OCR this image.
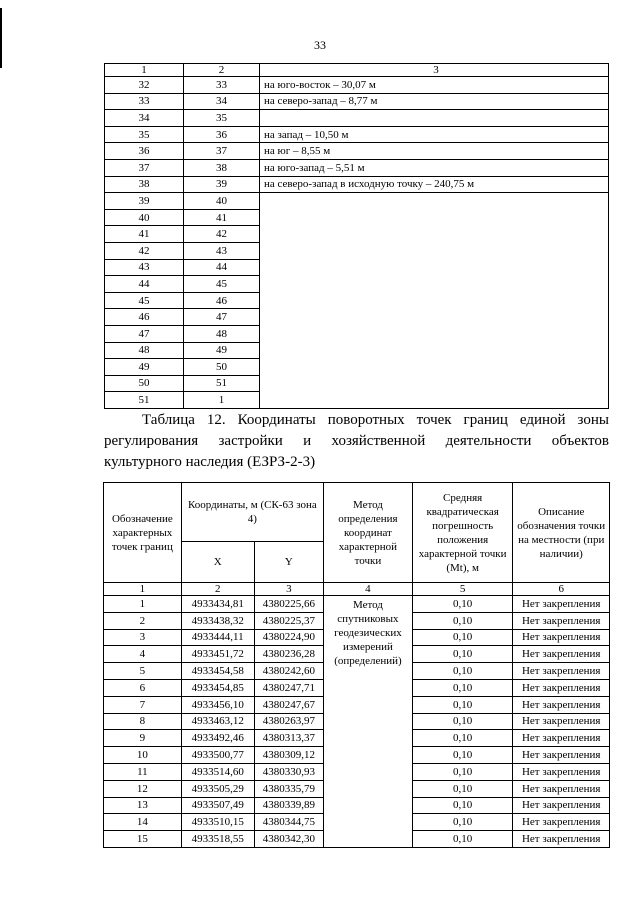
33
1	2	3
32	33	на юго-восток – 30,07 м
33	34	на северо-запад – 8,77 м
34	35	
35	36	на запад – 10,50 м
36	37	на юг – 8,55 м
37	38	на юго-запад – 5,51 м
38	39	на северо-запад в исходную точку – 240,75 м
39	40	
40	41	
41	42	
42	43	
43	44	
44	45	
45	46	
46	47	
47	48	
48	49	
49	50	
50	51	
51	1	
Таблица 12. Координаты поворотных точек границ единой зоны
регулирования застройки и хозяйственной деятельности объектов
культурного наследия (ЕЗРЗ-2-3)
Обозначение характерных точек границ	Координаты, м (СК-63 зона 4)		Метод определения координат характерной точки	Средняя квадратическая погрешность положения характерной точки (Mt), м	Описание обозначения точки на местности (при наличии)
	X	Y			
1	2	3	4	5	6
1	4933434,81	4380225,66	Метод спутниковых геодезических измерений (определений)	0,10	Нет закрепления
2	4933438,32	4380225,37		0,10	Нет закрепления
3	4933444,11	4380224,90		0,10	Нет закрепления
4	4933451,72	4380236,28		0,10	Нет закрепления
5	4933454,58	4380242,60		0,10	Нет закрепления
6	4933454,85	4380247,71		0,10	Нет закрепления
7	4933456,10	4380247,67		0,10	Нет закрепления
8	4933463,12	4380263,97		0,10	Нет закрепления
9	4933492,46	4380313,37		0,10	Нет закрепления
10	4933500,77	4380309,12		0,10	Нет закрепления
11	4933514,60	4380330,93		0,10	Нет закрепления
12	4933505,29	4380335,79		0,10	Нет закрепления
13	4933507,49	4380339,89		0,10	Нет закрепления
14	4933510,15	4380344,75		0,10	Нет закрепления
15	4933518,55	4380342,30		0,10	Нет закрепления
